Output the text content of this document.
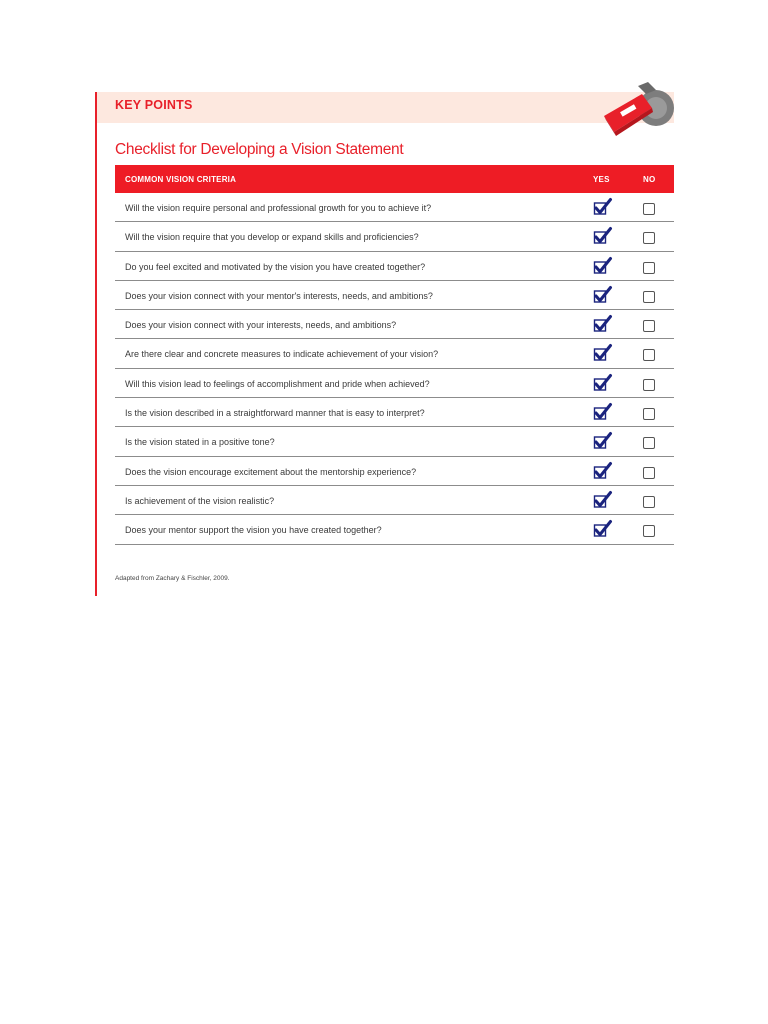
KEY POINTS
Checklist for Developing a Vision Statement
COMMON VISION CRITERIA	YES	NO
Will the vision require personal and professional growth for you to achieve it?
Will the vision require that you develop or expand skills and proficiencies?
Do you feel excited and motivated by the vision you have created together?
Does your vision connect with your mentor's interests, needs, and ambitions?
Does your vision connect with your interests, needs, and ambitions?
Are there clear and concrete measures to indicate achievement of your vision?
Will this vision lead to feelings of accomplishment and pride when achieved?
Is the vision described in a straightforward manner that is easy to interpret?
Is the vision stated in a positive tone?
Does the vision encourage excitement about the mentorship experience?
Is achievement of the vision realistic?
Does your mentor support the vision you have created together?
Adapted from Zachary & Fischler, 2009.
